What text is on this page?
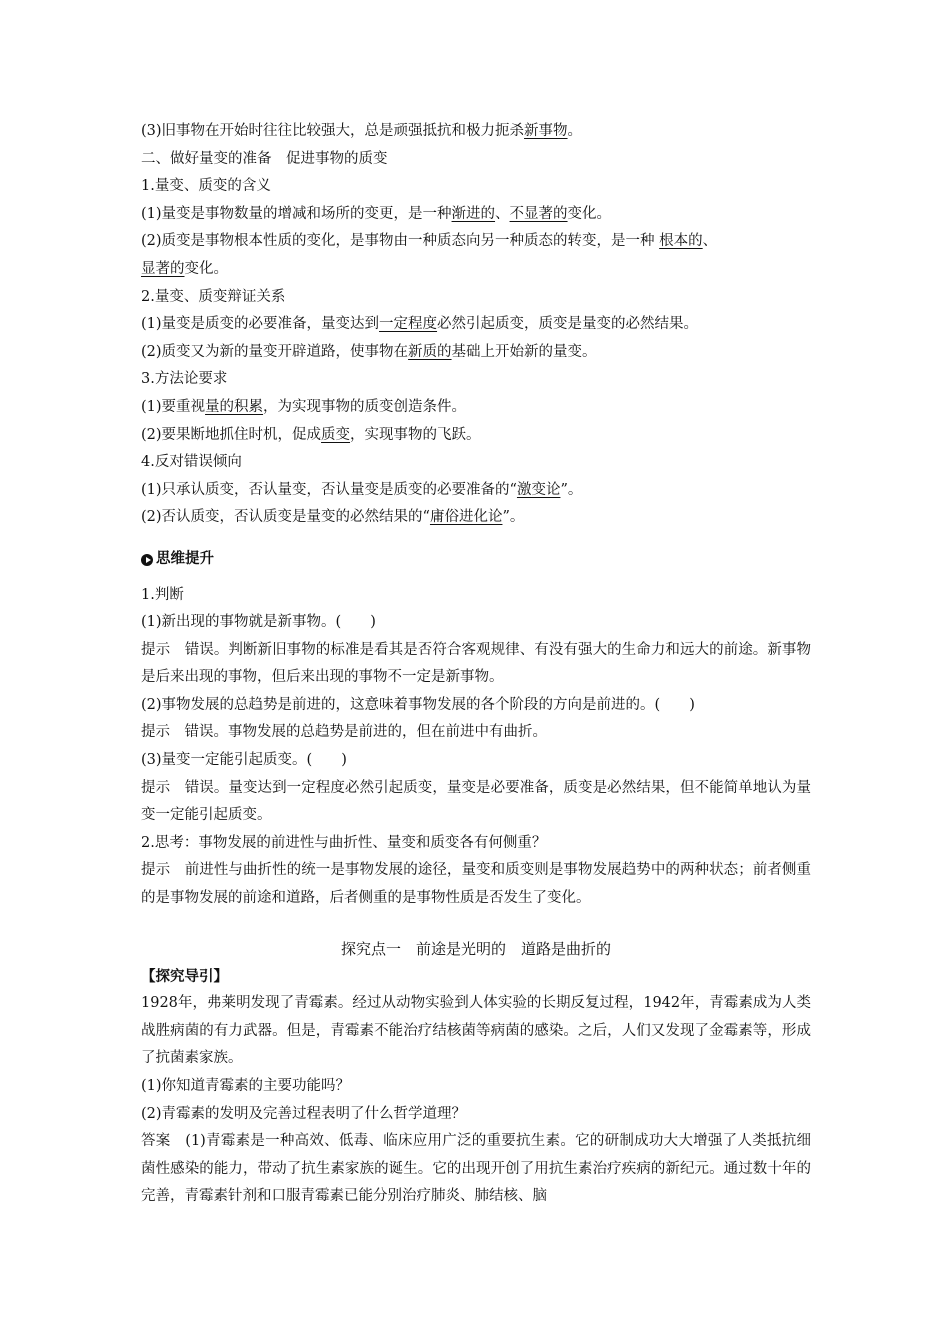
(3)旧事物在开始时往往比较强大，总是顽强抵抗和极力扼杀新事物。
二、做好量变的准备　促进事物的质变
1.量变、质变的含义
(1)量变是事物数量的增减和场所的变更，是一种渐进的、不显著的变化。
(2)质变是事物根本性质的变化，是事物由一种质态向另一种质态的转变，是一种 根本的、
显著的变化。
2.量变、质变辩证关系
(1)量变是质变的必要准备，量变达到一定程度必然引起质变，质变是量变的必然结果。
(2)质变又为新的量变开辟道路，使事物在新质的基础上开始新的量变。
3.方法论要求
(1)要重视量的积累，为实现事物的质变创造条件。
(2)要果断地抓住时机，促成质变，实现事物的飞跃。
4.反对错误倾向
(1)只承认质变，否认量变，否认量变是质变的必要准备的“激变论”。
(2)否认质变，否认质变是量变的必然结果的“庸俗进化论”。
思维提升
1.判断
(1)新出现的事物就是新事物。(　　)
提示　错误。判断新旧事物的标准是看其是否符合客观规律、有没有强大的生命力和远大的前途。新事物是后来出现的事物，但后来出现的事物不一定是新事物。
(2)事物发展的总趋势是前进的，这意味着事物发展的各个阶段的方向是前进的。(　　)
提示　错误。事物发展的总趋势是前进的，但在前进中有曲折。
(3)量变一定能引起质变。(　　)
提示　错误。量变达到一定程度必然引起质变，量变是必要准备，质变是必然结果，但不能简单地认为量变一定能引起质变。
2.思考：事物发展的前进性与曲折性、量变和质变各有何侧重？
提示　前进性与曲折性的统一是事物发展的途径，量变和质变则是事物发展趋势中的两种状态；前者侧重的是事物发展的前途和道路，后者侧重的是事物性质是否发生了变化。
探究点一　前途是光明的　道路是曲折的
【探究导引】
1928年，弗莱明发现了青霉素。经过从动物实验到人体实验的长期反复过程，1942年，青霉素成为人类战胜病菌的有力武器。但是，青霉素不能治疗结核菌等病菌的感染。之后，人们又发现了金霉素等，形成了抗菌素家族。
(1)你知道青霉素的主要功能吗？
(2)青霉素的发明及完善过程表明了什么哲学道理？
答案　(1)青霉素是一种高效、低毒、临床应用广泛的重要抗生素。它的研制成功大大增强了人类抵抗细菌性感染的能力，带动了抗生素家族的诞生。它的出现开创了用抗生素治疗疾病的新纪元。通过数十年的完善，青霉素针剂和口服青霉素已能分别治疗肺炎、肺结核、脑
